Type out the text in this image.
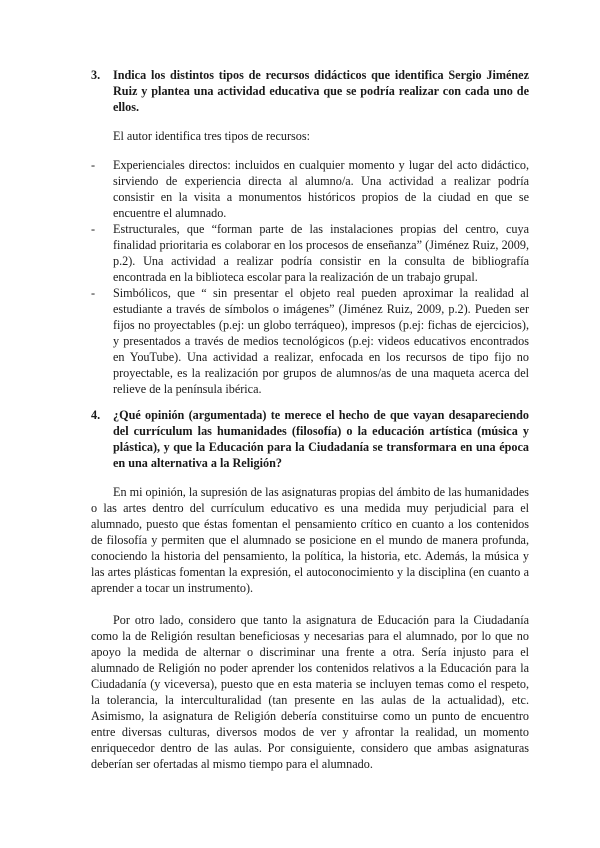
3.	Indica los distintos tipos de recursos didácticos que identifica Sergio Jiménez Ruiz y plantea una actividad educativa que se podría realizar con cada uno de ellos.

El autor identifica tres tipos de recursos:

-	Experienciales directos: incluidos en cualquier momento y lugar del acto didáctico, sirviendo de experiencia directa al alumno/a. Una actividad a realizar podría consistir en la visita a monumentos históricos propios de la ciudad en que se encuentre el alumnado.
-	Estructurales, que “forman parte de las instalaciones propias del centro, cuya finalidad prioritaria es colaborar en los procesos de enseñanza” (Jiménez Ruiz, 2009, p.2). Una actividad a realizar podría consistir en la consulta de bibliografía encontrada en la biblioteca escolar para la realización de un trabajo grupal.
-	Simbólicos, que “ sin presentar el objeto real pueden aproximar la realidad al estudiante a través de símbolos o imágenes” (Jiménez Ruiz, 2009, p.2). Pueden ser fijos no proyectables (p.ej: un globo terráqueo), impresos (p.ej: fichas de ejercicios), y presentados a través de medios tecnológicos (p.ej: videos educativos encontrados en YouTube). Una actividad a realizar, enfocada en los recursos de tipo fijo no proyectable, es la realización por grupos de alumnos/as de una maqueta acerca del relieve de la península ibérica.
4.	¿Qué opinión (argumentada) te merece el hecho de que vayan desapareciendo del currículum las humanidades (filosofía) o la educación artística (música y plástica), y que la Educación para la Ciudadanía se transformara en una época en una alternativa a la Religión?

En mi opinión, la supresión de las asignaturas propias del ámbito de las humanidades o las artes dentro del currículum educativo es una medida muy perjudicial para el alumnado, puesto que éstas fomentan el pensamiento crítico en cuanto a los contenidos de filosofía y permiten que el alumnado se posicione en el mundo de manera profunda, conociendo la historia del pensamiento, la política, la historia, etc. Además, la música y las artes plásticas fomentan la expresión, el autoconocimiento y la disciplina (en cuanto a aprender a tocar un instrumento).

Por otro lado, considero que tanto la asignatura de Educación para la Ciudadanía como la de Religión resultan beneficiosas y necesarias para el alumnado, por lo que no apoyo la medida de alternar o discriminar una frente a otra. Sería injusto para el alumnado de Religión no poder aprender los contenidos relativos a la Educación para la Ciudadanía (y viceversa), puesto que en esta materia se incluyen temas como el respeto, la tolerancia, la interculturalidad (tan presente en las aulas de la actualidad), etc. Asimismo, la asignatura de Religión debería constituirse como un punto de encuentro entre diversas culturas, diversos modos de ver y afrontar la realidad, un momento enriquecedor dentro de las aulas. Por consiguiente, considero que ambas asignaturas deberían ser ofertadas al mismo tiempo para el alumnado.
